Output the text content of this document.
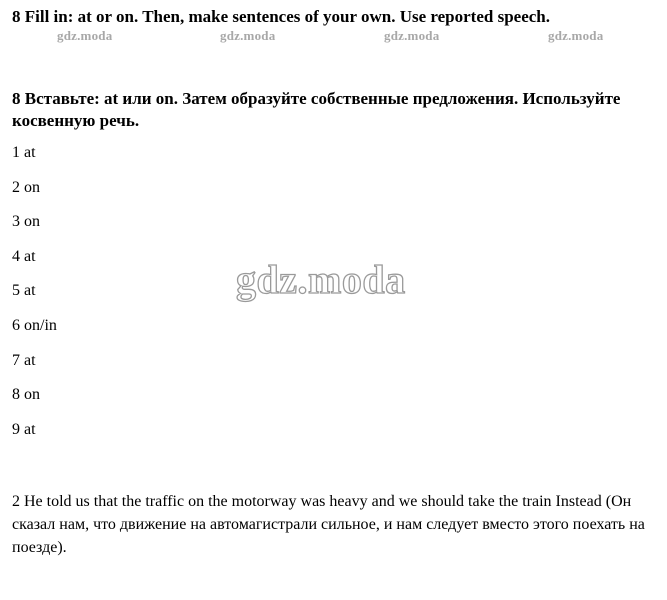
8 Fill in: at or on. Then, make sentences of your own. Use reported speech.
gdz.moda	gdz.moda	gdz.moda	gdz.moda
8 Вставьте: at или on. Затем образуйте собственные предложения. Используйте косвенную речь.
1 at
2 on
3 on
4 at
5 at
6 on/in
7 at
8 on
9 at
gdz.moda

2 He told us that the traffic on the motorway was heavy and we should take the train Instead (Он сказал нам, что движение на автомагистрали сильное, и нам следует вместо этого поехать на поезде).
